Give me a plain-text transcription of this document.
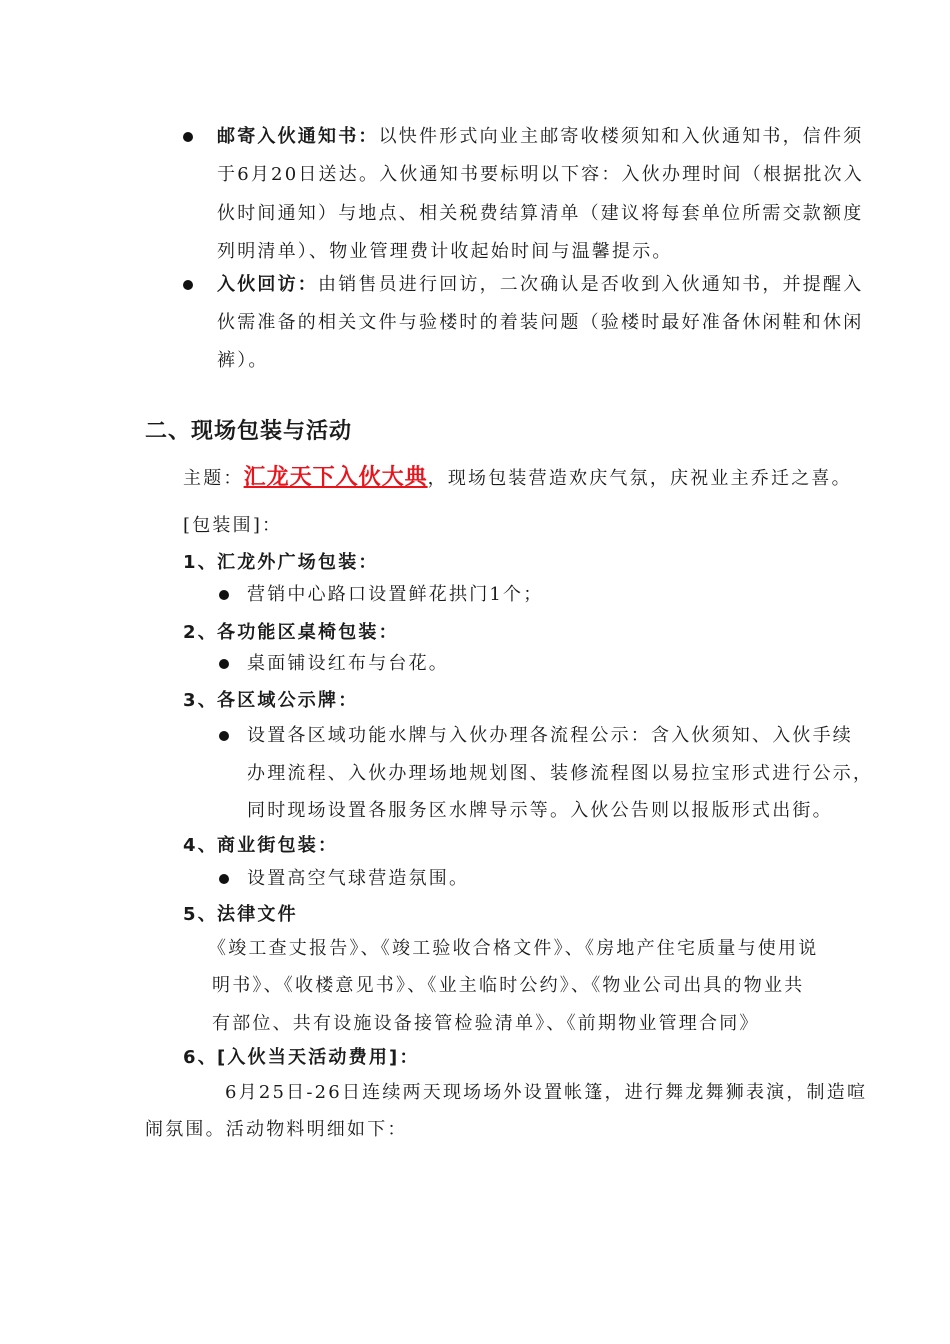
邮寄入伙通知书：以快件形式向业主邮寄收楼须知和入伙通知书，信件须
于6月20日送达。入伙通知书要标明以下容：入伙办理时间（根据批次入
伙时间通知）与地点、相关税费结算清单（建议将每套单位所需交款额度
列明清单）、物业管理费计收起始时间与温馨提示。
入伙回访：由销售员进行回访，二次确认是否收到入伙通知书，并提醒入
伙需准备的相关文件与验楼时的着装问题（验楼时最好准备休闲鞋和休闲
裤）。
二、现场包装与活动
主题：汇龙天下入伙大典，现场包装营造欢庆气氛，庆祝业主乔迁之喜。
[包装围]：
1、 汇龙外广场包装：
营销中心路口设置鲜花拱门1个；
2、 各功能区桌椅包装：
桌面铺设红布与台花。
3、 各区域公示牌：
设置各区域功能水牌与入伙办理各流程公示：含入伙须知、入伙手续
办理流程、入伙办理场地规划图、装修流程图以易拉宝形式进行公示，
同时现场设置各服务区水牌导示等。入伙公告则以报版形式出街。
4、 商业街包装：
设置高空气球营造氛围。
5、 法律文件
《竣工查丈报告》、《竣工验收合格文件》、《房地产住宅质量与使用说
明书》、《收楼意见书》、《业主临时公约》、《物业公司出具的物业共
有部位、共有设施设备接管检验清单》、《前期物业管理合同》
6、 [入伙当天活动费用]：
6月25日-26日连续两天现场场外设置帐篷，进行舞龙舞狮表演，制造喧
闹氛围。活动物料明细如下：
